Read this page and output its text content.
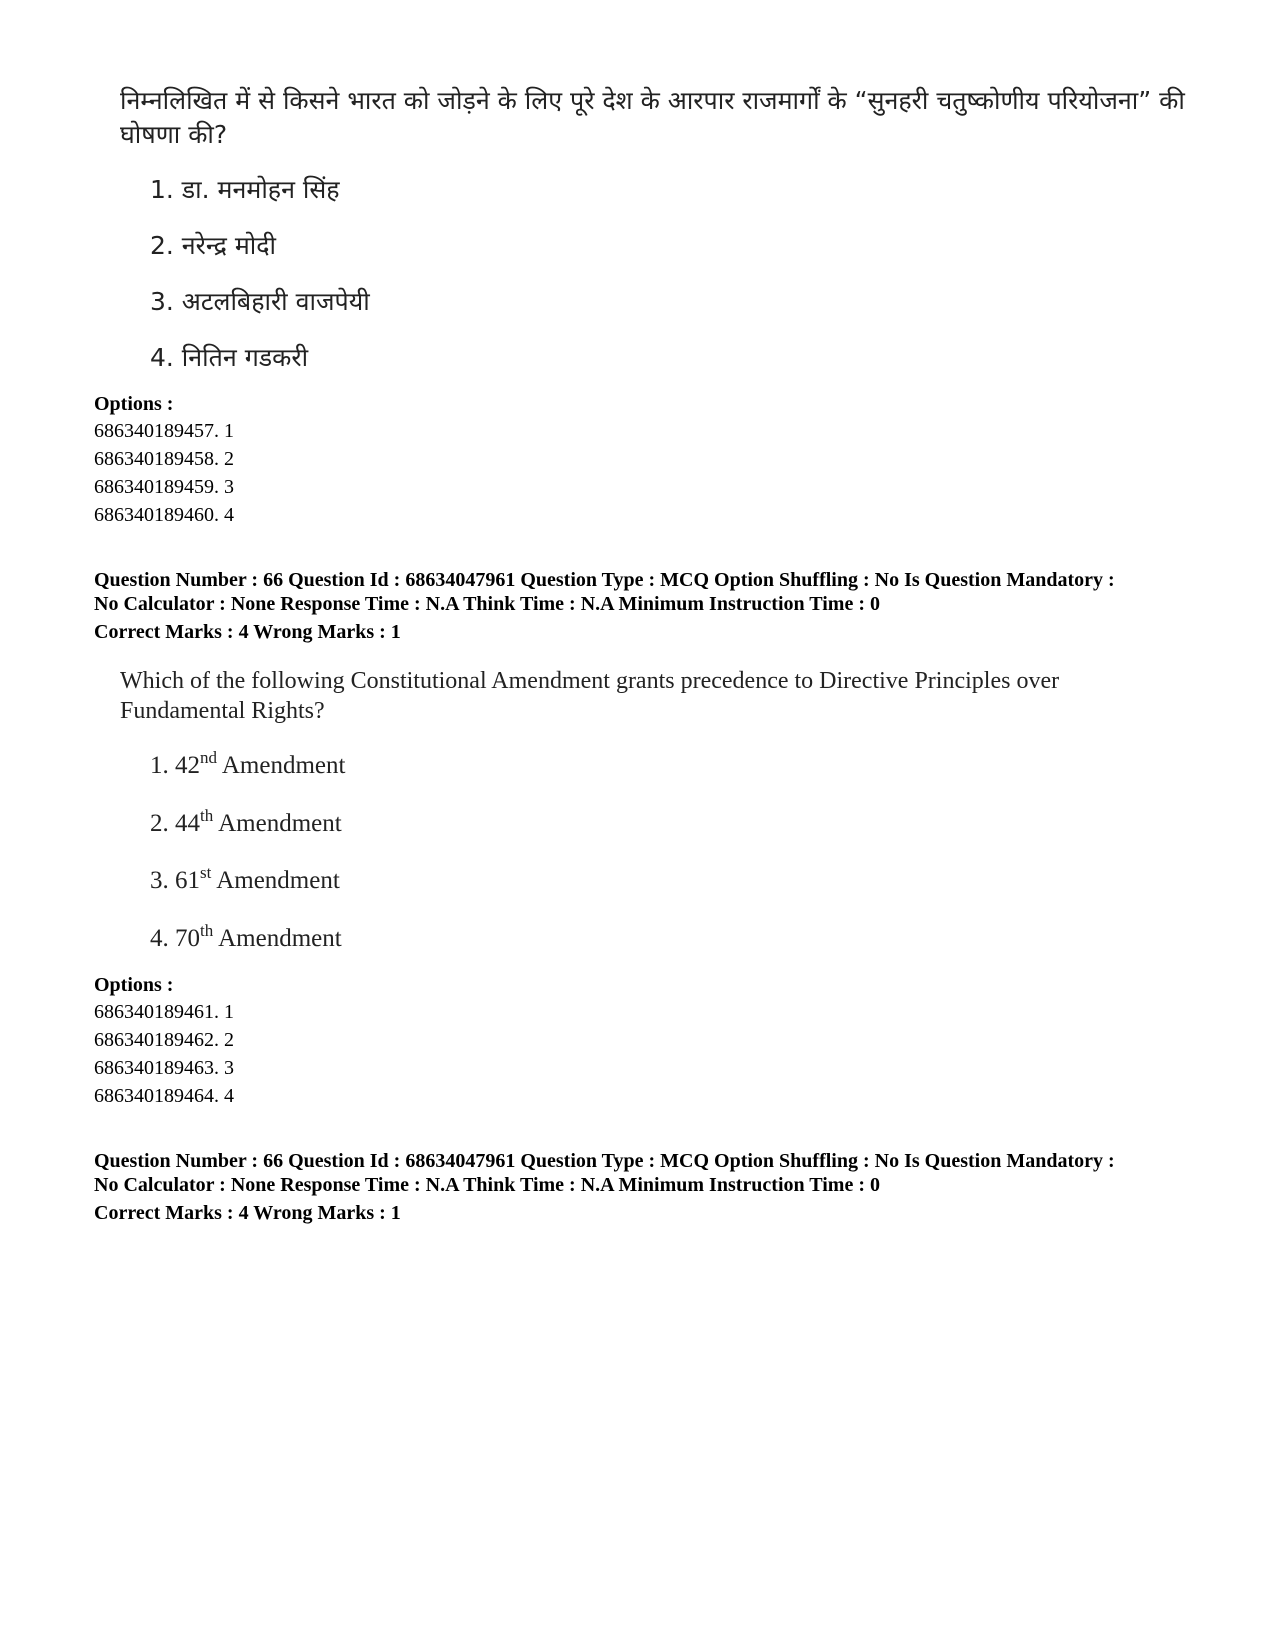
निम्नलिखित में से किसने भारत को जोड़ने के लिए पूरे देश के आरपार राजमार्गों के “सुनहरी चतुष्कोणीय परियोजना” की घोषणा की?
1. डा. मनमोहन सिंह
2. नरेन्द्र मोदी
3. अटलबिहारी वाजपेयी
4. नितिन गडकरी
Options :
686340189457. 1
686340189458. 2
686340189459. 3
686340189460. 4
Question Number : 66 Question Id : 68634047961 Question Type : MCQ Option Shuffling : No Is Question Mandatory :
No Calculator : None Response Time : N.A Think Time : N.A Minimum Instruction Time : 0
Correct Marks : 4 Wrong Marks : 1
Which of the following Constitutional Amendment grants precedence to Directive Principles over Fundamental Rights?
1. 42nd Amendment
2. 44th Amendment
3. 61st Amendment
4. 70th Amendment
Options :
686340189461. 1
686340189462. 2
686340189463. 3
686340189464. 4
Question Number : 66 Question Id : 68634047961 Question Type : MCQ Option Shuffling : No Is Question Mandatory :
No Calculator : None Response Time : N.A Think Time : N.A Minimum Instruction Time : 0
Correct Marks : 4 Wrong Marks : 1
